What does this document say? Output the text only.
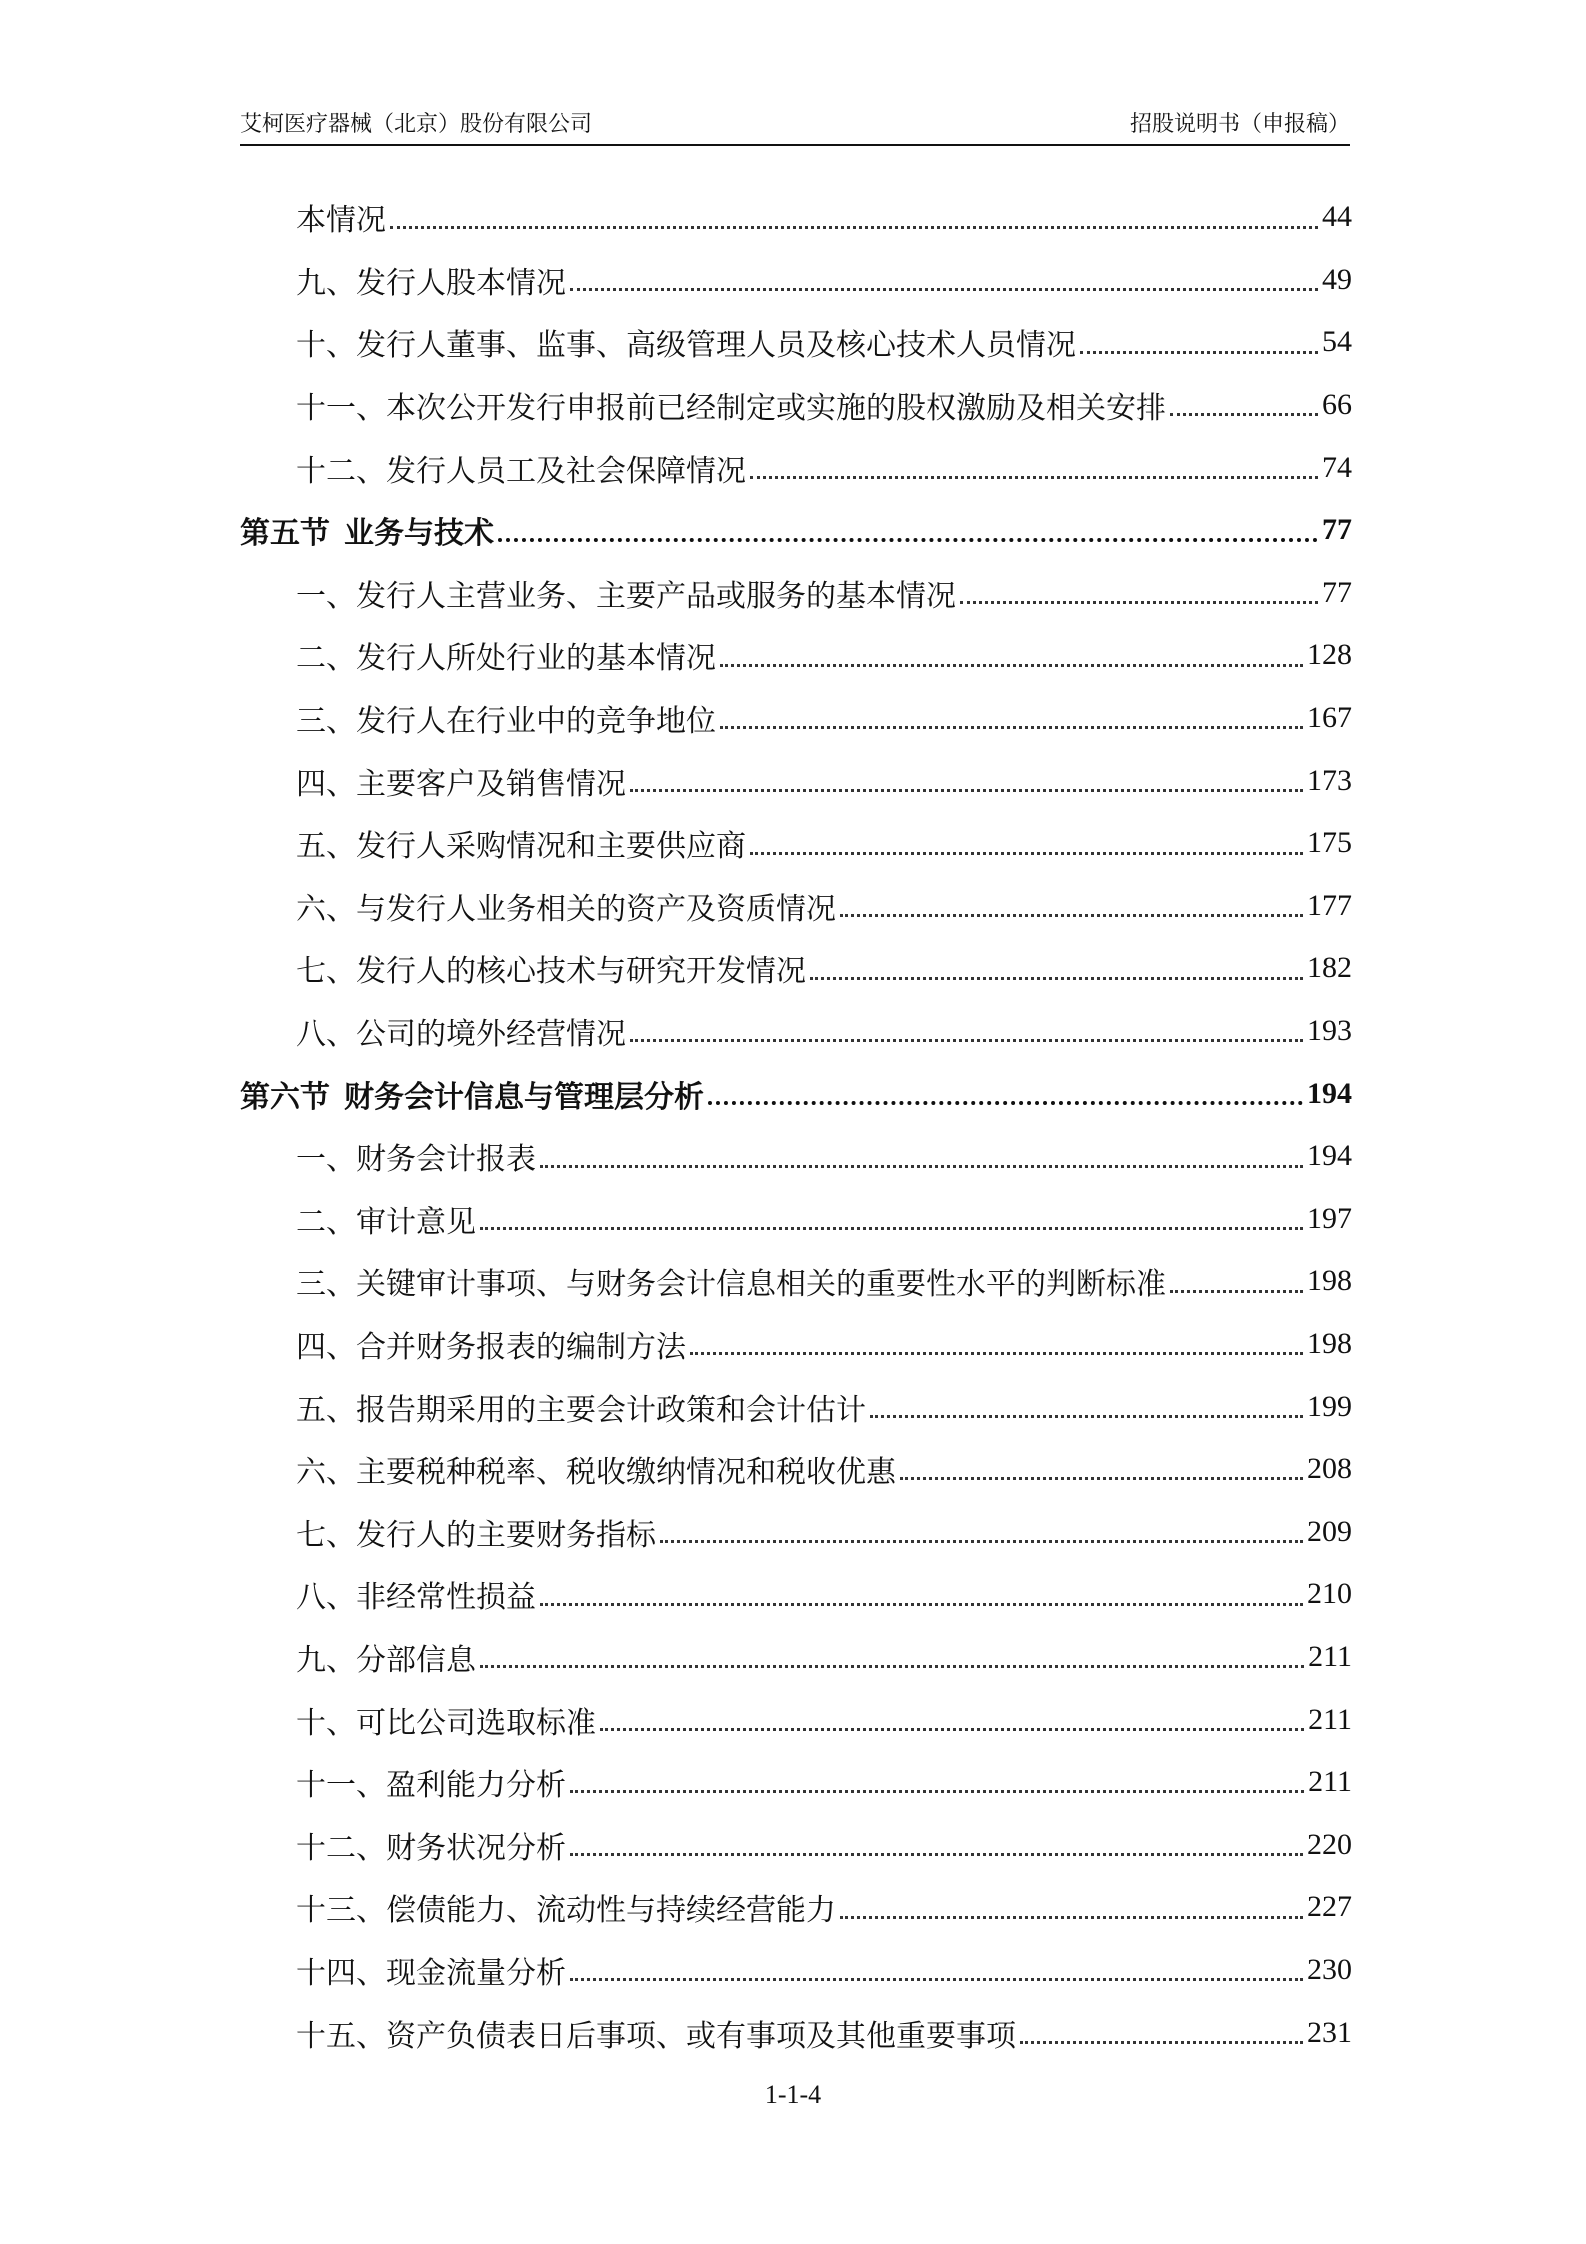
艾柯医疗器械（北京）股份有限公司	招股说明书（申报稿）
本情况	44
九、发行人股本情况	49
十、发行人董事、监事、高级管理人员及核心技术人员情况	54
十一、本次公开发行申报前已经制定或实施的股权激励及相关安排	66
十二、发行人员工及社会保障情况	74
第五节 业务与技术	77
一、发行人主营业务、主要产品或服务的基本情况	77
二、发行人所处行业的基本情况	128
三、发行人在行业中的竞争地位	167
四、主要客户及销售情况	173
五、发行人采购情况和主要供应商	175
六、与发行人业务相关的资产及资质情况	177
七、发行人的核心技术与研究开发情况	182
八、公司的境外经营情况	193
第六节 财务会计信息与管理层分析	194
一、财务会计报表	194
二、审计意见	197
三、关键审计事项、与财务会计信息相关的重要性水平的判断标准	198
四、合并财务报表的编制方法	198
五、报告期采用的主要会计政策和会计估计	199
六、主要税种税率、税收缴纳情况和税收优惠	208
七、发行人的主要财务指标	209
八、非经常性损益	210
九、分部信息	211
十、可比公司选取标准	211
十一、盈利能力分析	211
十二、财务状况分析	220
十三、偿债能力、流动性与持续经营能力	227
十四、现金流量分析	230
十五、资产负债表日后事项、或有事项及其他重要事项	231
1-1-4
